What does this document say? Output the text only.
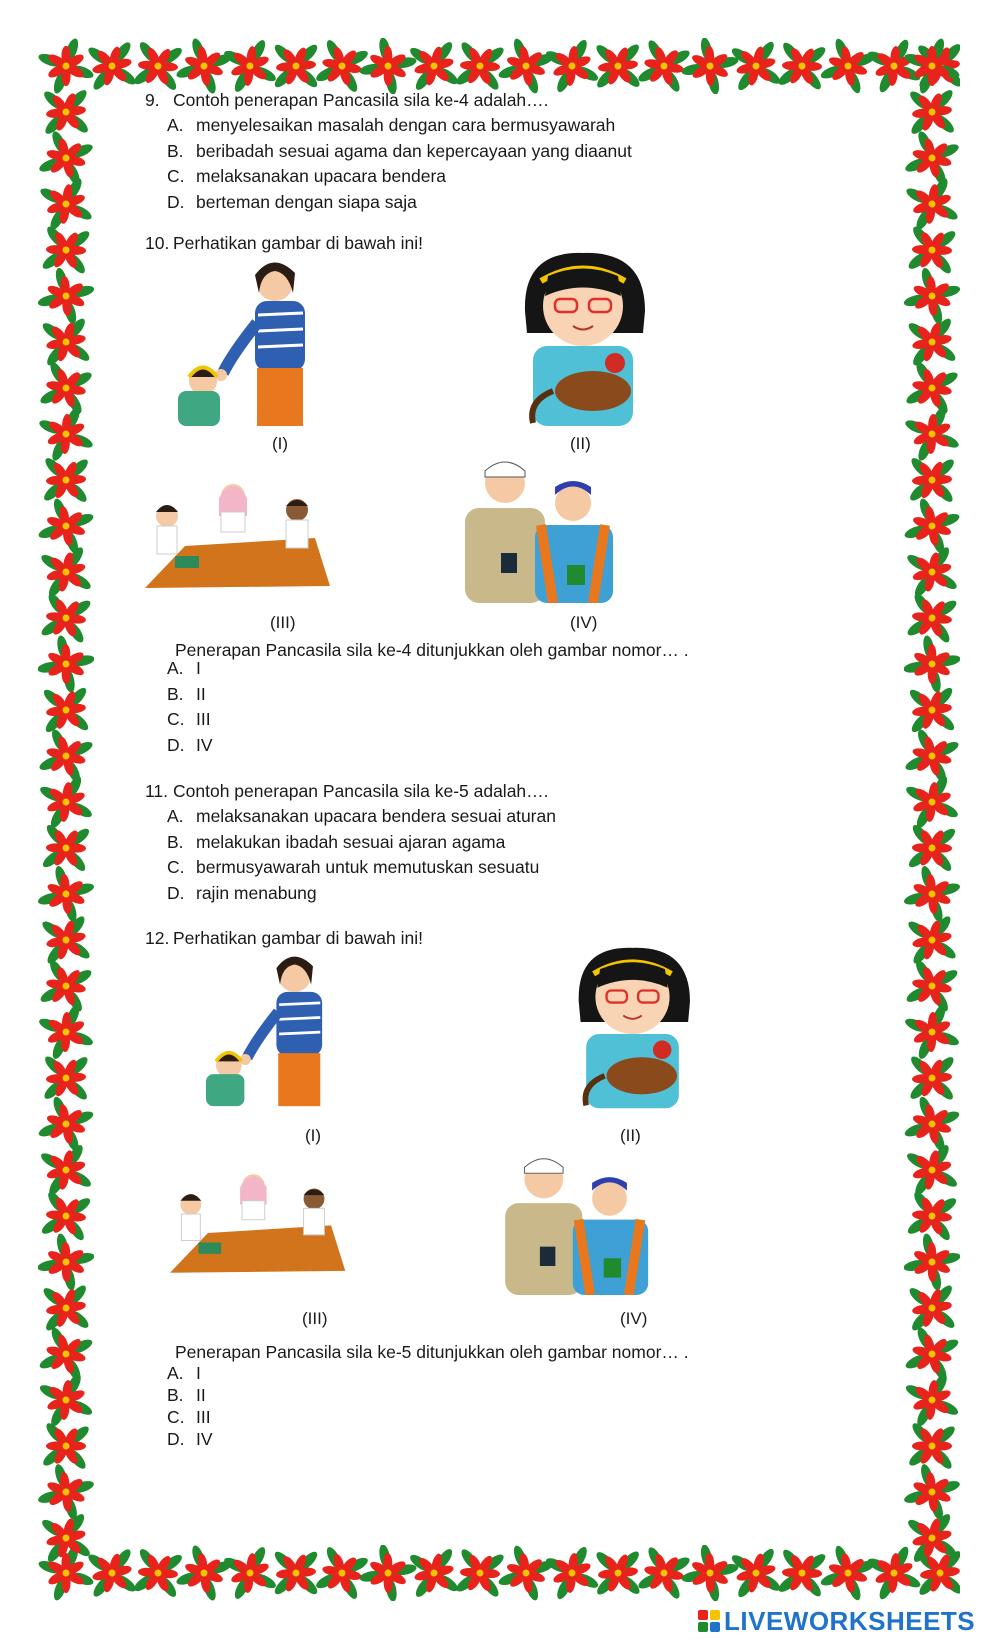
9. Contoh penerapan Pancasila sila ke-4 adalah….
A. menyelesaikan masalah dengan cara bermusyawarah
B. beribadah sesuai agama dan kepercayaan yang diaanut
C. melaksanakan upacara bendera
D. berteman dengan siapa saja
10. Perhatikan gambar di bawah ini!
(I)	(II)
(III)	(IV)
Penerapan Pancasila sila ke-4 ditunjukkan oleh gambar nomor… .
A. I
B. II
C. III
D. IV
11. Contoh penerapan Pancasila sila ke-5 adalah….
A. melaksanakan upacara bendera sesuai aturan
B. melakukan ibadah sesuai ajaran agama
C. bermusyawarah untuk memutuskan sesuatu
D. rajin menabung
12. Perhatikan gambar di bawah ini!
(I)	(II)
(III)	(IV)
Penerapan Pancasila sila ke-5 ditunjukkan oleh gambar nomor… .
A. I
B. II
C. III
D. IV
LIVEWORKSHEETS
